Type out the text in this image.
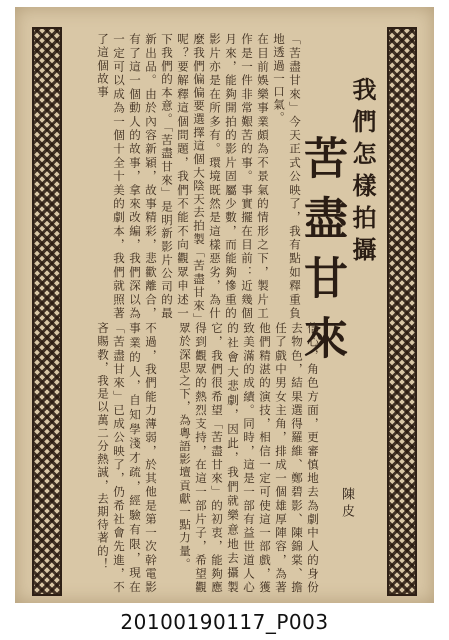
我們怎樣拍攝
苦盡甘來
陳皮
「苦盡甘來」今天正式公映了，我有點如釋重負地透過一口氣。
在目前娛樂事業頗為不景氣的情形之下，製片工作是一件非常艱苦的事。事實擺在目前：近幾個月來，能夠開拍的影片固屬少數，而能夠慘重的影片亦是在所多有。環境既然是這樣惡劣，為什麼我們偏偏要選擇這個大陰天去拍製「苦盡甘來」呢？要解釋這個問題，我們不能不向觀眾申述一下我們的本意。「苦盡甘來」是明新影片公司的最新出品。由於內容新穎，故事精彩，悲歡離合，有了這一個動人的故事，拿來改編，我們深以為一定可以成為一個十全十美的劇本，我們就照著了這個故事
信心，角色方面，更審慎地去為劇中人的身份去物色，結果選得羅維、鄭碧影、陳錦棠、擔任了戲中男女主角，排成一個雄厚陣容，為著他們精湛的演技，相信一定可使這一部戲，獲致美滿的成績。同時，這是一部有益世道人心的社會大悲劇，因此，我們就樂意地去攝製它，我們很希望「苦盡甘來」的初衷，能夠應得到觀眾的熱烈支持，在這一部片子，希望觀眾於深思之下，為粵語影壇貢獻一點力量。
不過，我們能力薄弱，於其他是第一次幹電影事業的人，自知學淺才疏，經驗有限，現在「苦盡甘來」已成公映了，仍希社會先進，不吝賜教，我是以萬二分熱誠，去期待著的！
20100190117_P003
